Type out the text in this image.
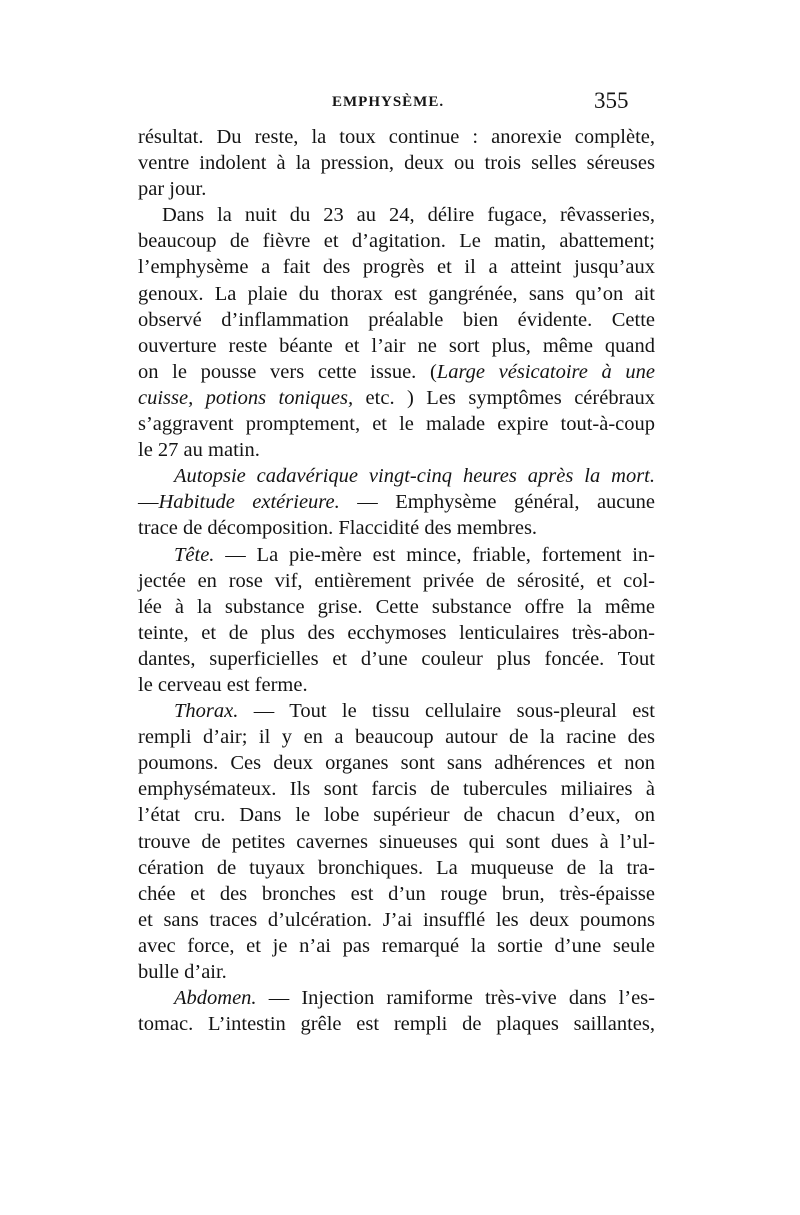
EMPHYSÈME.	355
résultat. Du reste, la toux continue : anorexie complète,
ventre indolent à la pression, deux ou trois selles séreuses
par jour.
Dans la nuit du 23 au 24, délire fugace, rêvasseries,
beaucoup de fièvre et d’agitation. Le matin, abattement;
l’emphysème a fait des progrès et il a atteint jusqu’aux
genoux. La plaie du thorax est gangrénée, sans qu’on ait
observé d’inflammation préalable bien évidente. Cette
ouverture reste béante et l’air ne sort plus, même quand
on le pousse vers cette issue. (Large vésicatoire à une
cuisse, potions toniques, etc. ) Les symptômes cérébraux
s’aggravent promptement, et le malade expire tout-à-coup
le 27 au matin.
Autopsie cadavérique vingt-cinq heures après la mort.
—Habitude extérieure. — Emphysème général, aucune
trace de décomposition. Flaccidité des membres.
Tête. — La pie-mère est mince, friable, fortement in-
jectée en rose vif, entièrement privée de sérosité, et col-
lée à la substance grise. Cette substance offre la même
teinte, et de plus des ecchymoses lenticulaires très-abon-
dantes, superficielles et d’une couleur plus foncée. Tout
le cerveau est ferme.
Thorax. — Tout le tissu cellulaire sous-pleural est
rempli d’air; il y en a beaucoup autour de la racine des
poumons. Ces deux organes sont sans adhérences et non
emphysémateux. Ils sont farcis de tubercules miliaires à
l’état cru. Dans le lobe supérieur de chacun d’eux, on
trouve de petites cavernes sinueuses qui sont dues à l’ul-
cération de tuyaux bronchiques. La muqueuse de la tra-
chée et des bronches est d’un rouge brun, très-épaisse
et sans traces d’ulcération. J’ai insufflé les deux poumons
avec force, et je n’ai pas remarqué la sortie d’une seule
bulle d’air.
Abdomen. — Injection ramiforme très-vive dans l’es-
tomac. L’intestin grêle est rempli de plaques saillantes,
